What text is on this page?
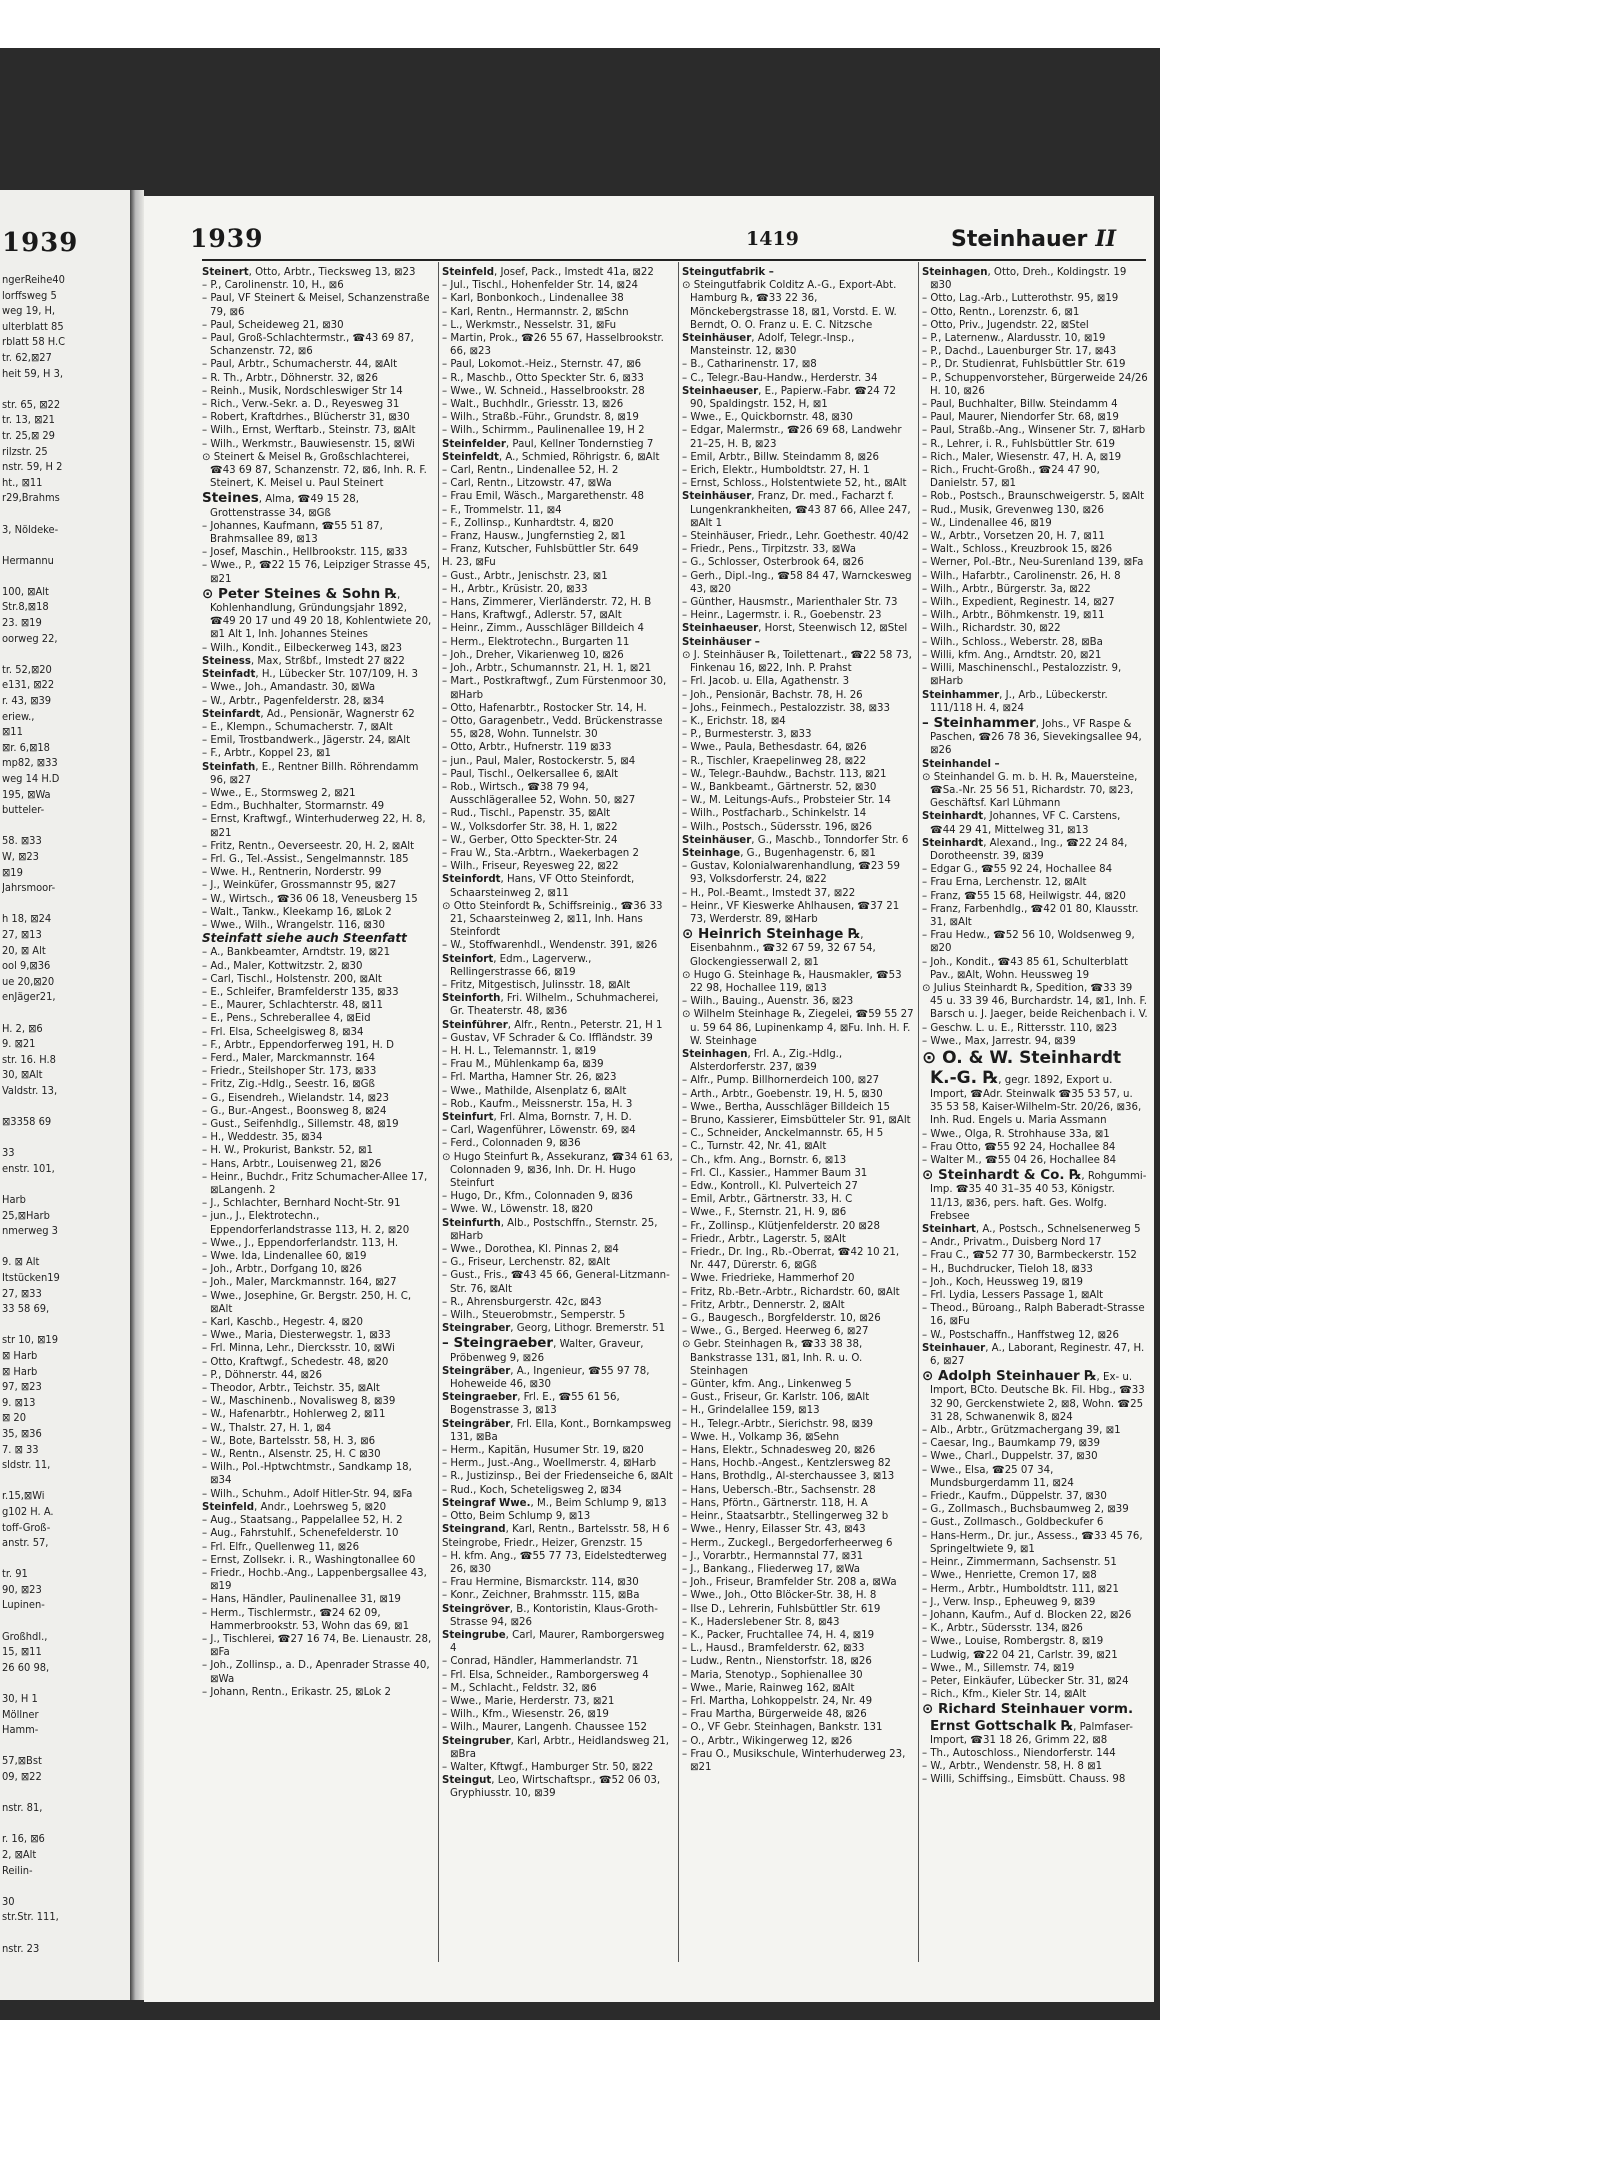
1939
ngerReihe40
lorffsweg 5
weg 19, H,
ulterblatt 85
rblatt 58 H.C
tr. 62,⊠27
heit 59, H 3,

str. 65, ⊠22
tr. 13, ⊠21
tr. 25,⊠ 29
rilzstr. 25
nstr. 59, H 2
ht., ⊠11
r29,Brahms

3, Nöldeke-

Hermannu

100, ⊠Alt
Str.8,⊠18
23. ⊠19
oorweg 22,

tr. 52,⊠20
e131, ⊠22
r. 43, ⊠39
eriew.,
⊠11
⊠r. 6,⊠18
mp82, ⊠33
weg 14 H.D
195, ⊠Wa
butteler-

58. ⊠33
W, ⊠23
⊠19
Jahrsmoor-

h 18, ⊠24
27, ⊠13
20, ⊠ Alt
ool 9,⊠36
ue 20,⊠20
enJäger21,

H. 2, ⊠6
9. ⊠21
str. 16. H.8
30, ⊠Alt
Valdstr. 13,

⊠3358 69

33
enstr. 101,

Harb
25,⊠Harb
nmerweg 3

9. ⊠ Alt
Itstücken19
27, ⊠33
33 58 69,

str 10, ⊠19
⊠ Harb
⊠ Harb
97, ⊠23
9. ⊠13
⊠ 20
35, ⊠36
7. ⊠ 33
sldstr. 11,

r.15,⊠Wi
g102 H. A.
toff-Groß-
anstr. 57,

tr. 91
90, ⊠23
Lupinen-

Großhdl.,
15, ⊠11
26 60 98,

30, H 1
Möllner
Hamm-

57,⊠Bst
09, ⊠22

nstr. 81,

r. 16, ⊠6
2, ⊠Alt
Reilin-

30
str.Str. 111,

nstr. 23
1939	1419	Steinhauer II
Steinert, Otto, Arbtr., Tiecksweg 13, ⊠23
– P., Carolinenstr. 10, H., ⊠6
– Paul, ⅤF Steinert & Meisel, Schanzenstraße 79, ⊠6
– Paul, Scheideweg 21, ⊠30
– Paul, Groß-Schlachtermstr., ☎43 69 87, Schanzenstr. 72, ⊠6
– Paul, Arbtr., Schumacherstr. 44, ⊠Alt
– R. Th., Arbtr., Döhnerstr. 32, ⊠26
– Reinh., Musik, Nordschleswiger Str 14
– Rich., Verw.-Sekr. a. D., Reyesweg 31
– Robert, Kraftdrhes., Blücherstr 31, ⊠30
– Wilh., Ernst, Werftarb., Steinstr. 73, ⊠Alt
– Wilh., Werkmstr., Bauwiesenstr. 15, ⊠Wi
⊙ Steinert & Meisel ℞, Großschlachterei, ☎43 69 87, Schanzenstr. 72, ⊠6, Inh. R. F. Steinert, K. Meisel u. Paul Steinert
Steines, Alma, ☎49 15 28, Grottenstrasse 34, ⊠Gß
– Johannes, Kaufmann, ☎55 51 87, Brahmsallee 89, ⊠13
– Josef, Maschin., Hellbrookstr. 115, ⊠33
– Wwe., P., ☎22 15 76, Leipziger Strasse 45, ⊠21
⊙ Peter Steines & Sohn ℞, Kohlenhandlung, Gründungsjahr 1892, ☎49 20 17 und 49 20 18, Kohlentwiete 20, ⊠1 Alt 1, Inh. Johannes Steines
– Wilh., Kondit., Eilbeckerweg 143, ⊠23
Steiness, Max, Strßbf., Imstedt 27 ⊠22
Steinfadt, H., Lübecker Str. 107/109, H. 3
– Wwe., Joh., Amandastr. 30, ⊠Wa
– W., Arbtr., Pagenfelderstr. 28, ⊠34
Steinfardt, Ad., Pensionär, Wagnerstr 62
– E., Klempn., Schumacherstr. 7, ⊠Alt
– Emil, Trostbandwerk., Jägerstr. 24, ⊠Alt
– F., Arbtr., Koppel 23, ⊠1
Steinfath, E., Rentner Billh. Röhrendamm 96, ⊠27
– Wwe., E., Stormsweg 2, ⊠21
– Edm., Buchhalter, Stormarnstr. 49
– Ernst, Kraftwgf., Winterhuderweg 22, H. 8, ⊠21
– Fritz, Rentn., Oeverseestr. 20, H. 2, ⊠Alt
– Frl. G., Tel.-Assist., Sengelmannstr. 185
– Wwe. H., Rentnerin, Norderstr. 99
– J., Weinküfer, Grossmannstr 95, ⊠27
– W., Wirtsch., ☎36 06 18, Veneusberg 15
– Walt., Tankw., Kleekamp 16, ⊠Lok 2
– Wwe., Wilh., Wrangelstr. 116, ⊠30
Steinfatt siehe auch Steenfatt
– A., Bankbeamter, Arndtstr. 19, ⊠21
– Ad., Maler, Kottwitzstr. 2, ⊠30
– Carl, Tischl., Holstenstr. 200, ⊠Alt
– E., Schleifer, Bramfelderstr 135, ⊠33
– E., Maurer, Schlachterstr. 48, ⊠11
– E., Pens., Schreberallee 4, ⊠Eid
– Frl. Elsa, Scheelgisweg 8, ⊠34
– F., Arbtr., Eppendorferweg 191, H. D
– Ferd., Maler, Marckmannstr. 164
– Friedr., Steilshoper Str. 173, ⊠33
– Fritz, Zig.-Hdlg., Seestr. 16, ⊠Gß
– G., Eisendreh., Wielandstr. 14, ⊠23
– G., Bur.-Angest., Boonsweg 8, ⊠24
– Gust., Seifenhdlg., Sillemstr. 48, ⊠19
– H., Weddestr. 35, ⊠34
– H. W., Prokurist, Bankstr. 52, ⊠1
– Hans, Arbtr., Louisenweg 21, ⊠26
– Heinr., Buchdr., Fritz Schumacher-Allee 17, ⊠Langenh. 2
– J., Schlachter, Bernhard Nocht-Str. 91
– jun., J., Elektrotechn., Eppendorferlandstrasse 113, H. 2, ⊠20
– Wwe., J., Eppendorferlandstr. 113, H.
– Wwe. Ida, Lindenallee 60, ⊠19
– Joh., Arbtr., Dorfgang 10, ⊠26
– Joh., Maler, Marckmannstr. 164, ⊠27
– Wwe., Josephine, Gr. Bergstr. 250, H. C, ⊠Alt
– Karl, Kaschb., Hegestr. 4, ⊠20
– Wwe., Maria, Diesterwegstr. 1, ⊠33
– Frl. Minna, Lehr., Diercksstr. 10, ⊠Wi
– Otto, Kraftwgf., Schedestr. 48, ⊠20
– P., Döhnerstr. 44, ⊠26
– Theodor, Arbtr., Teichstr. 35, ⊠Alt
– W., Maschinenb., Novalisweg 8, ⊠39
– W., Hafenarbtr., Hohlerweg 2, ⊠11
– W., Thalstr. 27, H. 1, ⊠4
– W., Bote, Bartelsstr. 58, H. 3, ⊠6
– W., Rentn., Alsenstr. 25, H. C ⊠30
– Wilh., Pol.-Hptwchtmstr., Sandkamp 18, ⊠34
– Wilh., Schuhm., Adolf Hitler-Str. 94, ⊠Fa
Steinfeld, Andr., Loehrsweg 5, ⊠20
– Aug., Staatsang., Pappelallee 52, H. 2
– Aug., Fahrstuhlf., Schenefelderstr. 10
– Frl. Elfr., Quellenweg 11, ⊠26
– Ernst, Zollsekr. i. R., Washingtonallee 60
– Friedr., Hochb.-Ang., Lappenbergsallee 43, ⊠19
– Hans, Händler, Paulinenallee 31, ⊠19
– Herm., Tischlermstr., ☎24 62 09, Hammerbrookstr. 53, Wohn das 69, ⊠1
– J., Tischlerei, ☎27 16 74, Be. Lienaustr. 28, ⊠Fa
– Joh., Zollinsp., a. D., Apenrader Strasse 40, ⊠Wa
– Johann, Rentn., Erikastr. 25, ⊠Lok 2
Steinfeld, Josef, Pack., Imstedt 41a, ⊠22
– Jul., Tischl., Hohenfelder Str. 14, ⊠24
– Karl, Bonbonkoch., Lindenallee 38
– Karl, Rentn., Hermannstr. 2, ⊠Schn
– L., Werkmstr., Nesselstr. 31, ⊠Fu
– Martin, Prok., ☎26 55 67, Hasselbrookstr. 66, ⊠23
– Paul, Lokomot.-Heiz., Sternstr. 47, ⊠6
– R., Maschb., Otto Speckter Str. 6, ⊠33
– Wwe., W. Schneid., Hasselbrookstr. 28
– Walt., Buchhdlr., Griesstr. 13, ⊠26
– Wilh., Straßb.-Führ., Grundstr. 8, ⊠19
– Wilh., Schirmm., Paulinenallee 19, H 2
Steinfelder, Paul, Kellner Tondernstieg 7
Steinfeldt, A., Schmied, Röhrigstr. 6, ⊠Alt
– Carl, Rentn., Lindenallee 52, H. 2
– Carl, Rentn., Litzowstr. 47, ⊠Wa
– Frau Emil, Wäsch., Margarethenstr. 48
– F., Trommelstr. 11, ⊠4
– F., Zollinsp., Kunhardtstr. 4, ⊠20
– Franz, Hausw., Jungfernstieg 2, ⊠1
– Franz, Kutscher, Fuhlsbüttler Str. 649
H. 23, ⊠Fu
– Gust., Arbtr., Jenischstr. 23, ⊠1
– H., Arbtr., Krüsistr. 20, ⊠33
– Hans, Zimmerer, Vierländerstr. 72, H. B
– Hans, Kraftwgf., Adlerstr. 57, ⊠Alt
– Heinr., Zimm., Ausschläger Billdeich 4
– Herm., Elektrotechn., Burgarten 11
– Joh., Dreher, Vikarienweg 10, ⊠26
– Joh., Arbtr., Schumannstr. 21, H. 1, ⊠21
– Mart., Postkraftwgf., Zum Fürstenmoor 30, ⊠Harb
– Otto, Hafenarbtr., Rostocker Str. 14, H.
– Otto, Garagenbetr., Vedd. Brückenstrasse 55, ⊠28, Wohn. Tunnelstr. 30
– Otto, Arbtr., Hufnerstr. 119 ⊠33
– jun., Paul, Maler, Rostockerstr. 5, ⊠4
– Paul, Tischl., Oelkersallee 6, ⊠Alt
– Rob., Wirtsch., ☎38 79 94, Ausschlägerallee 52, Wohn. 50, ⊠27
– Rud., Tischl., Papenstr. 35, ⊠Alt
– W., Volksdorfer Str. 38, H. 1, ⊠22
– W., Gerber, Otto Speckter-Str. 24
– Frau W., Sta.-Arbtrn., Waekerbagen 2
– Wilh., Friseur, Reyesweg 22, ⊠22
Steinfordt, Hans, ⅤF Otto Steinfordt, Schaarsteinweg 2, ⊠11
⊙ Otto Steinfordt ℞, Schiffsreinig., ☎36 33 21, Schaarsteinweg 2, ⊠11, Inh. Hans Steinfordt
– W., Stoffwarenhdl., Wendenstr. 391, ⊠26
Steinfort, Edm., Lagerverw., Rellingerstrasse 66, ⊠19
– Fritz, Mitgestisch, Julinsstr. 18, ⊠Alt
Steinforth, Fri. Wilhelm., Schuhmacherei, Gr. Theaterstr. 48, ⊠36
Steinführer, Alfr., Rentn., Peterstr. 21, H 1
– Gustav, ⅤF Schrader & Co. Iffländstr. 39
– H. H. L., Telemannstr. 1, ⊠19
– Frau M., Mühlenkamp 6a, ⊠39
– Frl. Martha, Hamner Str. 26, ⊠23
– Wwe., Mathilde, Alsenplatz 6, ⊠Alt
– Rob., Kaufm., Meissnerstr. 15a, H. 3
Steinfurt, Frl. Alma, Bornstr. 7, H. D.
– Carl, Wagenführer, Löwenstr. 69, ⊠4
– Ferd., Colonnaden 9, ⊠36
⊙ Hugo Steinfurt ℞, Assekuranz, ☎34 61 63, Colonnaden 9, ⊠36, Inh. Dr. H. Hugo Steinfurt
– Hugo, Dr., Kfm., Colonnaden 9, ⊠36
– Wwe. W., Löwenstr. 18, ⊠20
Steinfurth, Alb., Postschffn., Sternstr. 25, ⊠Harb
– Wwe., Dorothea, Kl. Pinnas 2, ⊠4
– G., Friseur, Lerchenstr. 82, ⊠Alt
– Gust., Fris., ☎43 45 66, General-Litzmann-Str. 76, ⊠Alt
– R., Ahrensburgerstr. 42c, ⊠43
– Wilh., Steuerobmstr., Semperstr. 5
Steingraber, Georg, Lithogr. Bremerstr. 51
– Steingraeber, Walter, Graveur, Pröbenweg 9, ⊠26
Steingräber, A., Ingenieur, ☎55 97 78, Hoheweide 46, ⊠30
Steingraeber, Frl. E., ☎55 61 56, Bogenstrasse 3, ⊠13
Steingräber, Frl. Ella, Kont., Bornkampsweg 131, ⊠Ba
– Herm., Kapitän, Husumer Str. 19, ⊠20
– Herm., Just.-Ang., Woellmerstr. 4, ⊠Harb
– R., Justizinsp., Bei der Friedenseiche 6, ⊠Alt
– Rud., Koch, Scheteligsweg 2, ⊠34
Steingraf Wwe., M., Beim Schlump 9, ⊠13
– Otto, Beim Schlump 9, ⊠13
Steingrand, Karl, Rentn., Bartelsstr. 58, H 6
Steingrobe, Friedr., Heizer, Grenzstr. 15
– H. kfm. Ang., ☎55 77 73, Eidelstedterweg 26, ⊠30
– Frau Hermine, Bismarckstr. 114, ⊠30
– Konr., Zeichner, Brahmsstr. 115, ⊠Ba
Steingröver, B., Kontoristin, Klaus-Groth-Strasse 94, ⊠26
Steingrube, Carl, Maurer, Ramborgersweg 4
– Conrad, Händler, Hammerlandstr. 71
– Frl. Elsa, Schneider., Ramborgersweg 4
– M., Schlacht., Feldstr. 32, ⊠6
– Wwe., Marie, Herderstr. 73, ⊠21
– Wilh., Kfm., Wiesenstr. 26, ⊠19
– Wilh., Maurer, Langenh. Chaussee 152
Steingruber, Karl, Arbtr., Heidlandsweg 21, ⊠Bra
– Walter, Kftwgf., Hamburger Str. 50, ⊠22
Steingut, Leo, Wirtschaftspr., ☎52 06 03, Gryphiusstr. 10, ⊠39
Steingutfabrik –
⊙ Steingutfabrik Colditz A.-G., Export-Abt. Hamburg ℞, ☎33 22 36, Mönckebergstrasse 18, ⊠1, Vorstd. E. W. Berndt, O. O. Franz u. E. C. Nitzsche
Steinhäuser, Adolf, Telegr.-Insp., Mansteinstr. 12, ⊠30
– B., Catharinenstr. 17, ⊠8
– C., Telegr.-Bau-Handw., Herderstr. 34
Steinhaeuser, E., Papierw.-Fabr. ☎24 72 90, Spaldingstr. 152, H, ⊠1
– Wwe., E., Quickbornstr. 48, ⊠30
– Edgar, Malermstr., ☎26 69 68, Landwehr 21–25, H. B, ⊠23
– Emil, Arbtr., Billw. Steindamm 8, ⊠26
– Erich, Elektr., Humboldtstr. 27, H. 1
– Ernst, Schloss., Holstentwiete 52, ht., ⊠Alt
Steinhäuser, Franz, Dr. med., Facharzt f. Lungenkrankheiten, ☎43 87 66, Allee 247, ⊠Alt 1
– Steinhäuser, Friedr., Lehr. Goethestr. 40/42
– Friedr., Pens., Tirpitzstr. 33, ⊠Wa
– G., Schlosser, Osterbrook 64, ⊠26
– Gerh., Dipl.-Ing., ☎58 84 47, Warnckesweg 43, ⊠20
– Günther, Hausmstr., Marienthaler Str. 73
– Heinr., Lagermstr. i. R., Goebenstr. 23
Steinhaeuser, Horst, Steenwisch 12, ⊠Stel
Steinhäuser –
⊙ J. Steinhäuser ℞, Toilettenart., ☎22 58 73, Finkenau 16, ⊠22, Inh. P. Prahst
– Frl. Jacob. u. Ella, Agathenstr. 3
– Joh., Pensionär, Bachstr. 78, H. 26
– Johs., Feinmech., Pestalozzistr. 38, ⊠33
– K., Erichstr. 18, ⊠4
– P., Burmesterstr. 3, ⊠33
– Wwe., Paula, Bethesdastr. 64, ⊠26
– R., Tischler, Kraepelinweg 28, ⊠22
– W., Telegr.-Bauhdw., Bachstr. 113, ⊠21
– W., Bankbeamt., Gärtnerstr. 52, ⊠30
– W., M. Leitungs-Aufs., Probsteier Str. 14
– Wilh., Postfacharb., Schinkelstr. 14
– Wilh., Postsch., Südersstr. 196, ⊠26
Steinhäuser, G., Maschb., Tonndorfer Str. 6
Steinhage, G., Bugenhagenstr. 6, ⊠1
– Gustav, Kolonialwarenhandlung, ☎23 59 93, Volksdorferstr. 24, ⊠22
– H., Pol.-Beamt., Imstedt 37, ⊠22
– Heinr., ⅤF Kieswerke Ahlhausen, ☎37 21 73, Werderstr. 89, ⊠Harb
⊙ Heinrich Steinhage ℞, Eisenbahnm., ☎32 67 59, 32 67 54, Glockengiesserwall 2, ⊠1
⊙ Hugo G. Steinhage ℞, Hausmakler, ☎53 22 98, Hochallee 119, ⊠13
– Wilh., Bauing., Auenstr. 36, ⊠23
⊙ Wilhelm Steinhage ℞, Ziegelei, ☎59 55 27 u. 59 64 86, Lupinenkamp 4, ⊠Fu. Inh. H. F. W. Steinhage
Steinhagen, Frl. A., Zig.-Hdlg., Alsterdorferstr. 237, ⊠39
– Alfr., Pump. Billhornerdeich 100, ⊠27
– Arth., Arbtr., Goebenstr. 19, H. 5, ⊠30
– Wwe., Bertha, Ausschläger Billdeich 15
– Bruno, Kassierer, Eimsbütteler Str. 91, ⊠Alt
– C., Schneider, Anckelmannstr. 65, H 5
– C., Turnstr. 42, Nr. 41, ⊠Alt
– Ch., kfm. Ang., Bornstr. 6, ⊠13
– Frl. Cl., Kassier., Hammer Baum 31
– Edw., Kontroll., Kl. Pulverteich 27
– Emil, Arbtr., Gärtnerstr. 33, H. C
– Wwe., F., Sternstr. 21, H. 9, ⊠6
– Fr., Zollinsp., Klütjenfelderstr. 20 ⊠28
– Friedr., Arbtr., Lagerstr. 5, ⊠Alt
– Friedr., Dr. Ing., Rb.-Oberrat, ☎42 10 21, Nr. 447, Dürerstr. 6, ⊠Gß
– Wwe. Friedrieke, Hammerhof 20
– Fritz, Rb.-Betr.-Arbtr., Richardstr. 60, ⊠Alt
– Fritz, Arbtr., Dennerstr. 2, ⊠Alt
– G., Baugesch., Borgfelderstr. 10, ⊠26
– Wwe., G., Berged. Heerweg 6, ⊠27
⊙ Gebr. Steinhagen ℞, ☎33 38 38, Bankstrasse 131, ⊠1, Inh. R. u. O. Steinhagen
– Günter, kfm. Ang., Linkenweg 5
– Gust., Friseur, Gr. Karlstr. 106, ⊠Alt
– H., Grindelallee 159, ⊠13
– H., Telegr.-Arbtr., Sierichstr. 98, ⊠39
– Wwe. H., Volkamp 36, ⊠Sehn
– Hans, Elektr., Schnadesweg 20, ⊠26
– Hans, Hochb.-Angest., Kentzlersweg 82
– Hans, Brothdlg., Al-sterchaussee 3, ⊠13
– Hans, Uebersch.-Btr., Sachsenstr. 28
– Hans, Pförtn., Gärtnerstr. 118, H. A
– Heinr., Staatsarbtr., Stellingerweg 32 b
– Wwe., Henry, Eilasser Str. 43, ⊠43
– Herm., Zuckegl., Bergedorferheerweg 6
– J., Vorarbtr., Hermannstal 77, ⊠31
– J., Bankang., Fliederweg 17, ⊠Wa
– Joh., Friseur, Bramfelder Str. 208 a, ⊠Wa
– Wwe., Joh., Otto Blöcker-Str. 38, H. 8
– Ilse D., Lehrerin, Fuhlsbüttler Str. 619
– K., Haderslebener Str. 8, ⊠43
– K., Packer, Fruchtallee 74, H. 4, ⊠19
– L., Hausd., Bramfelderstr. 62, ⊠33
– Ludw., Rentn., Nienstorfstr. 18, ⊠26
– Maria, Stenotyp., Sophienallee 30
– Wwe., Marie, Rainweg 162, ⊠Alt
– Frl. Martha, Lohkoppelstr. 24, Nr. 49
– Frau Martha, Bürgerweide 48, ⊠26
– O., ⅤF Gebr. Steinhagen, Bankstr. 131
– O., Arbtr., Wikingerweg 12, ⊠26
– Frau O., Musikschule, Winterhuderweg 23, ⊠21
Steinhagen, Otto, Dreh., Koldingstr. 19 ⊠30
– Otto, Lag.-Arb., Lutterothstr. 95, ⊠19
– Otto, Rentn., Lorenzstr. 6, ⊠1
– Otto, Priv., Jugendstr. 22, ⊠Stel
– P., Laternenw., Alardusstr. 10, ⊠19
– P., Dachd., Lauenburger Str. 17, ⊠43
– P., Dr. Studienrat, Fuhlsbüttler Str. 619
– P., Schuppenvorsteher, Bürgerweide 24/26 H. 10, ⊠26
– Paul, Buchhalter, Billw. Steindamm 4
– Paul, Maurer, Niendorfer Str. 68, ⊠19
– Paul, Straßb.-Ang., Winsener Str. 7, ⊠Harb
– R., Lehrer, i. R., Fuhlsbüttler Str. 619
– Rich., Maler, Wiesenstr. 47, H. A, ⊠19
– Rich., Frucht-Großh., ☎24 47 90, Danielstr. 57, ⊠1
– Rob., Postsch., Braunschweigerstr. 5, ⊠Alt
– Rud., Musik, Grevenweg 130, ⊠26
– W., Lindenallee 46, ⊠19
– W., Arbtr., Vorsetzen 20, H. 7, ⊠11
– Walt., Schloss., Kreuzbrook 15, ⊠26
– Werner, Pol.-Btr., Neu-Surenland 139, ⊠Fa
– Wilh., Hafarbtr., Carolinenstr. 26, H. 8
– Wilh., Arbtr., Bürgerstr. 3a, ⊠22
– Wilh., Expedient, Reginestr. 14, ⊠27
– Wilh., Arbtr., Böhmkenstr. 19, ⊠11
– Wilh., Richardstr. 30, ⊠22
– Wilh., Schloss., Weberstr. 28, ⊠Ba
– Willi, kfm. Ang., Arndtstr. 20, ⊠21
– Willi, Maschinenschl., Pestalozzistr. 9, ⊠Harb
Steinhammer, J., Arb., Lübeckerstr. 111/118 H. 4, ⊠24
– Steinhammer, Johs., ⅤF Raspe & Paschen, ☎26 78 36, Sievekingsallee 94, ⊠26
Steinhandel –
⊙ Steinhandel G. m. b. H. ℞, Mauersteine, ☎Sa.-Nr. 25 56 51, Richardstr. 70, ⊠23, Geschäftsf. Karl Lühmann
Steinhardt, Johannes, ⅤF C. Carstens, ☎44 29 41, Mittelweg 31, ⊠13
Steinhardt, Alexand., Ing., ☎22 24 84, Dorotheenstr. 39, ⊠39
– Edgar G., ☎55 92 24, Hochallee 84
– Frau Erna, Lerchenstr. 12, ⊠Alt
– Franz, ☎55 15 68, Heilwigstr. 44, ⊠20
– Franz, Farbenhdlg., ☎42 01 80, Klausstr. 31, ⊠Alt
– Frau Hedw., ☎52 56 10, Woldsenweg 9, ⊠20
– Joh., Kondit., ☎43 85 61, Schulterblatt Pav., ⊠Alt, Wohn. Heussweg 19
⊙ Julius Steinhardt ℞, Spedition, ☎33 39 45 u. 33 39 46, Burchardstr. 14, ⊠1, Inh. F. Barsch u. J. Jaeger, beide Reichenbach i. V.
– Geschw. L. u. E., Rittersstr. 110, ⊠23
– Wwe., Max, Jarrestr. 94, ⊠39
⊙ O. & W. Steinhardt K.-G. ℞, gegr. 1892, Export u. Import, ☎Adr. Steinwalk ☎35 53 57, u. 35 53 58, Kaiser-Wilhelm-Str. 20/26, ⊠36, Inh. Rud. Engels u. Maria Assmann
– Wwe., Olga, R. Strohhause 33a, ⊠1
– Frau Otto, ☎55 92 24, Hochallee 84
– Walter M., ☎55 04 26, Hochallee 84
⊙ Steinhardt & Co. ℞, Rohgummi-Imp. ☎35 40 31–35 40 53, Königstr. 11/13, ⊠36, pers. haft. Ges. Wolfg. Frebsee
Steinhart, A., Postsch., Schnelsenerweg 5
– Andr., Privatm., Duisberg Nord 17
– Frau C., ☎52 77 30, Barmbeckerstr. 152
– H., Buchdrucker, Tieloh 18, ⊠33
– Joh., Koch, Heussweg 19, ⊠19
– Frl. Lydia, Lessers Passage 1, ⊠Alt
– Theod., Büroang., Ralph Baberadt-Strasse 16, ⊠Fu
– W., Postschaffn., Hanffstweg 12, ⊠26
Steinhauer, A., Laborant, Reginestr. 47, H. 6, ⊠27
⊙ Adolph Steinhauer ℞, Ex- u. Import, BCto. Deutsche Bk. Fil. Hbg., ☎33 32 90, Gerckenstwiete 2, ⊠8, Wohn. ☎25 31 28, Schwanenwik 8, ⊠24
– Alb., Arbtr., Grützmachergang 39, ⊠1
– Caesar, Ing., Baumkamp 79, ⊠39
– Wwe., Charl., Duppelstr. 37, ⊠30
– Wwe., Elsa, ☎25 07 34, Mundsburgerdamm 11, ⊠24
– Friedr., Kaufm., Düppelstr. 37, ⊠30
– G., Zollmasch., Buchsbaumweg 2, ⊠39
– Gust., Zollmasch., Goldbeckufer 6
– Hans-Herm., Dr. jur., Assess., ☎33 45 76, Springeltwiete 9, ⊠1
– Heinr., Zimmermann, Sachsenstr. 51
– Wwe., Henriette, Cremon 17, ⊠8
– Herm., Arbtr., Humboldtstr. 111, ⊠21
– J., Verw. Insp., Epheuweg 9, ⊠39
– Johann, Kaufm., Auf d. Blocken 22, ⊠26
– K., Arbtr., Südersstr. 134, ⊠26
– Wwe., Louise, Rombergstr. 8, ⊠19
– Ludwig, ☎22 04 21, Carlstr. 39, ⊠21
– Wwe., M., Sillemstr. 74, ⊠19
– Peter, Einkäufer, Lübecker Str. 31, ⊠24
– Rich., Kfm., Kieler Str. 14, ⊠Alt
⊙ Richard Steinhauer vorm. Ernst Gottschalk ℞, Palmfaser-Import, ☎31 18 26, Grimm 22, ⊠8
– Th., Autoschloss., Niendorferstr. 144
– W., Arbtr., Wendenstr. 58, H. 8 ⊠1
– Willi, Schiffsing., Eimsbütt. Chauss. 98
